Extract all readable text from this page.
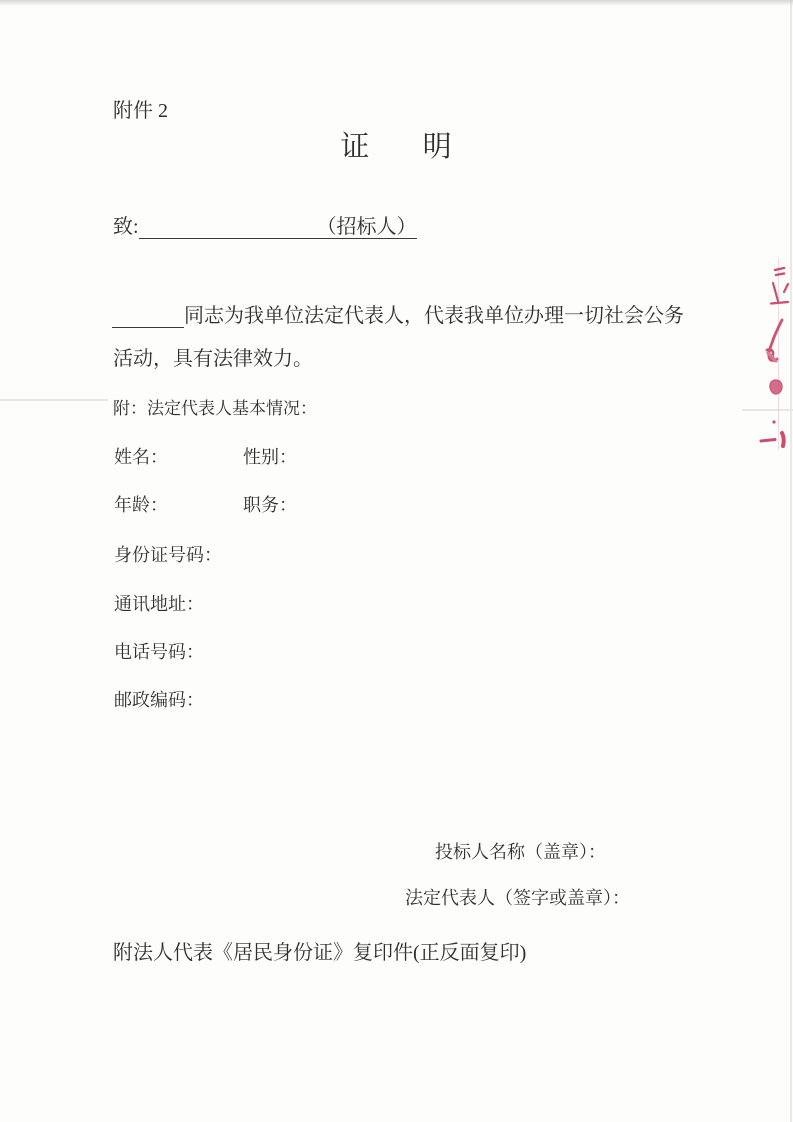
附件 2
证 明
致:	（招标人）
同志为我单位法定代表人，代表我单位办理一切社会公务
活动，具有法律效力。
附：法定代表人基本情况：
姓名：	性别：
年龄：	职务：
身份证号码：
通讯地址：
电话号码：
邮政编码：
投标人名称（盖章）：
法定代表人（签字或盖章）：
附法人代表《居民身份证》复印件(正反面复印)
